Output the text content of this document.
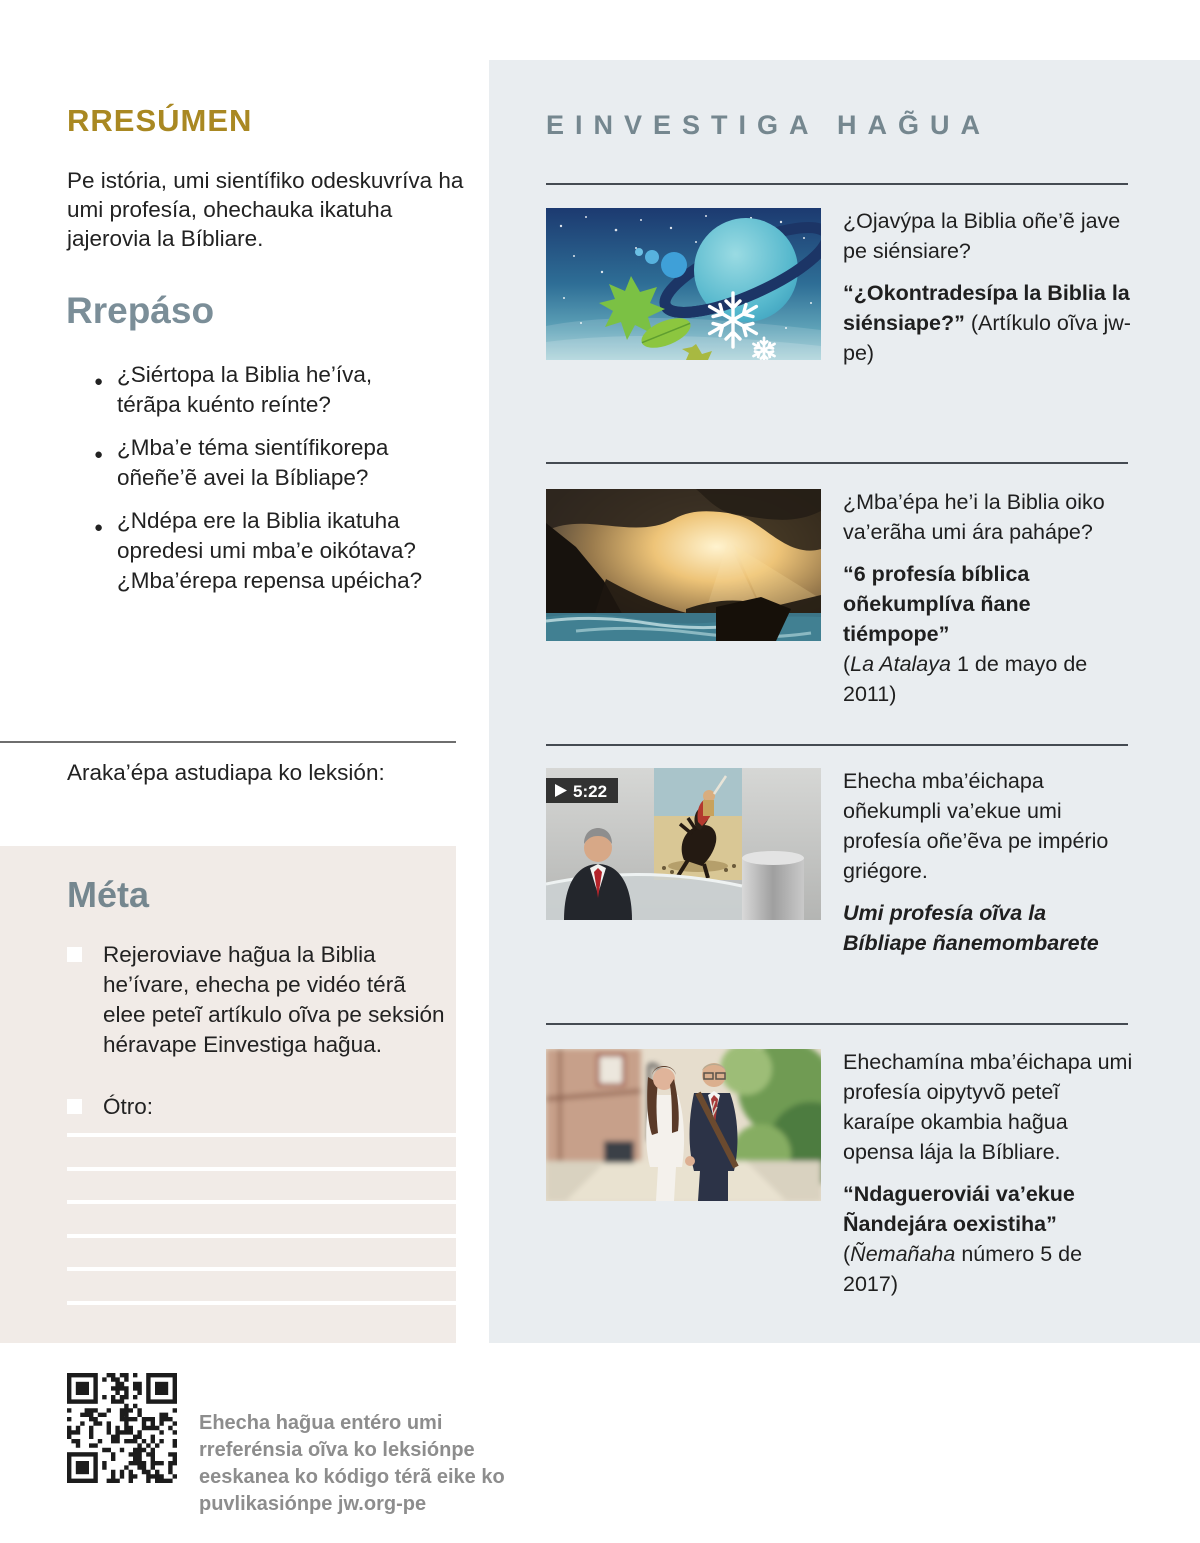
RRESÚMEN
Pe istória, umi sientífiko odeskuvríva ha umi profesía, ohechauka ikatuha jajerovia la Bíbliare.
Rrepáso
● ¿Siértopa la Biblia he’íva, térãpa kuénto reínte?
● ¿Mba’e téma sientífikorepa oñeñe’ẽ avei la Bíbliape?
● ¿Ndépa ere la Biblia ikatuha opredesi umi mba’e oikótava? ¿Mba’érepa repensa upéicha?
Araka’épa astudiapa ko leksión:
Méta
Rejeroviave hag̃ua la Biblia he’ívare, ehecha pe vidéo térã elee peteĩ artíkulo oĩva pe seksión héravape Einvestiga hag̃ua.
Ótro:
Ehecha hag̃ua entéro umi rreferénsia oĩva ko leksiónpe eeskanea ko kódigo térã eike ko puvlikasiónpe jw.org-pe
EINVESTIGA HAG̃UA

¿Ojavýpa la Biblia oñe’ẽ jave pe siénsiare?

“¿Okontradesípa la Biblia la siénsiape?” (Artíkulo oĩva jw-pe)

¿Mba’épa he’i la Biblia oiko va’erãha umi ára pahápe?

“6 profesía bíblica oñekumplíva ñane tiémpope”
(La Atalaya 1 de mayo de 2011)

5:22	Ehecha mba’éichapa oñekumpli va’ekue umi profesía oñe’ẽva pe império griégore.

Umi profesía oĩva la Bíbliape ñanemombarete

Ehechamína mba’éichapa umi profesía oipytyvõ peteĩ karaípe okambia hag̃ua opensa lája la Bíbliare.

“Ndagueroviái va’ekue Ñandejára oexistiha”
(Ñemañaha número 5 de 2017)
